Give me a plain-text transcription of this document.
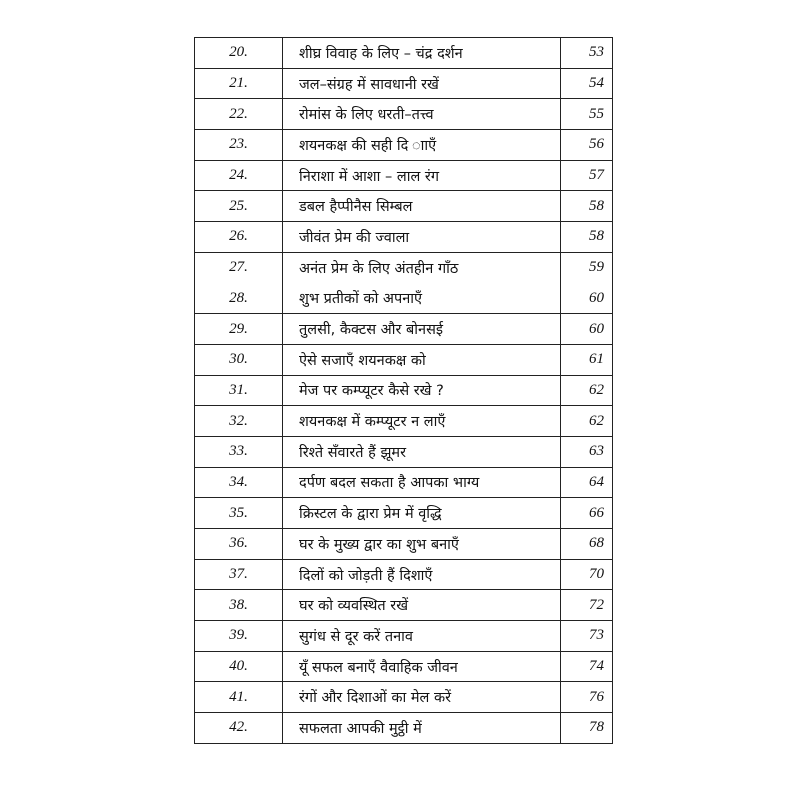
20.	शीघ्र विवाह के लिए – चंद्र दर्शन	53
21.	जल–संग्रह में सावधानी रखें	54
22.	रोमांस के लिए धरती–तत्त्व	55
23.	शयनकक्ष की सही दि ााएँ	56
24.	निराशा में आशा – लाल रंग	57
25.	डबल हैप्पीनैस सिम्बल	58
26.	जीवंत प्रेम की ज्वाला	58
27.	अनंत प्रेम के लिए अंतहीन गाँठ	59
28.	शुभ प्रतीकों को अपनाएँ	60
29.	तुलसी, कैक्टस और बोनसई	60
30.	ऐसे सजाएँ शयनकक्ष को	61
31.	मेज पर कम्प्यूटर कैसे रखे ?	62
32.	शयनकक्ष में कम्प्यूटर न लाएँ	62
33.	रिश्ते सँवारते हैं झूमर	63
34.	दर्पण बदल सकता है आपका भाग्य	64
35.	क्रिस्टल के द्वारा प्रेम में वृद्धि	66
36.	घर के मुख्य द्वार का शुभ बनाएँ	68
37.	दिलों को जोड़ती हैं दिशाएँ	70
38.	घर को व्यवस्थित रखें	72
39.	सुगंध से दूर करें तनाव	73
40.	यूँ सफल बनाएँ वैवाहिक जीवन	74
41.	रंगों और दिशाओं का मेल करें	76
42.	सफलता आपकी मुट्ठी में	78
